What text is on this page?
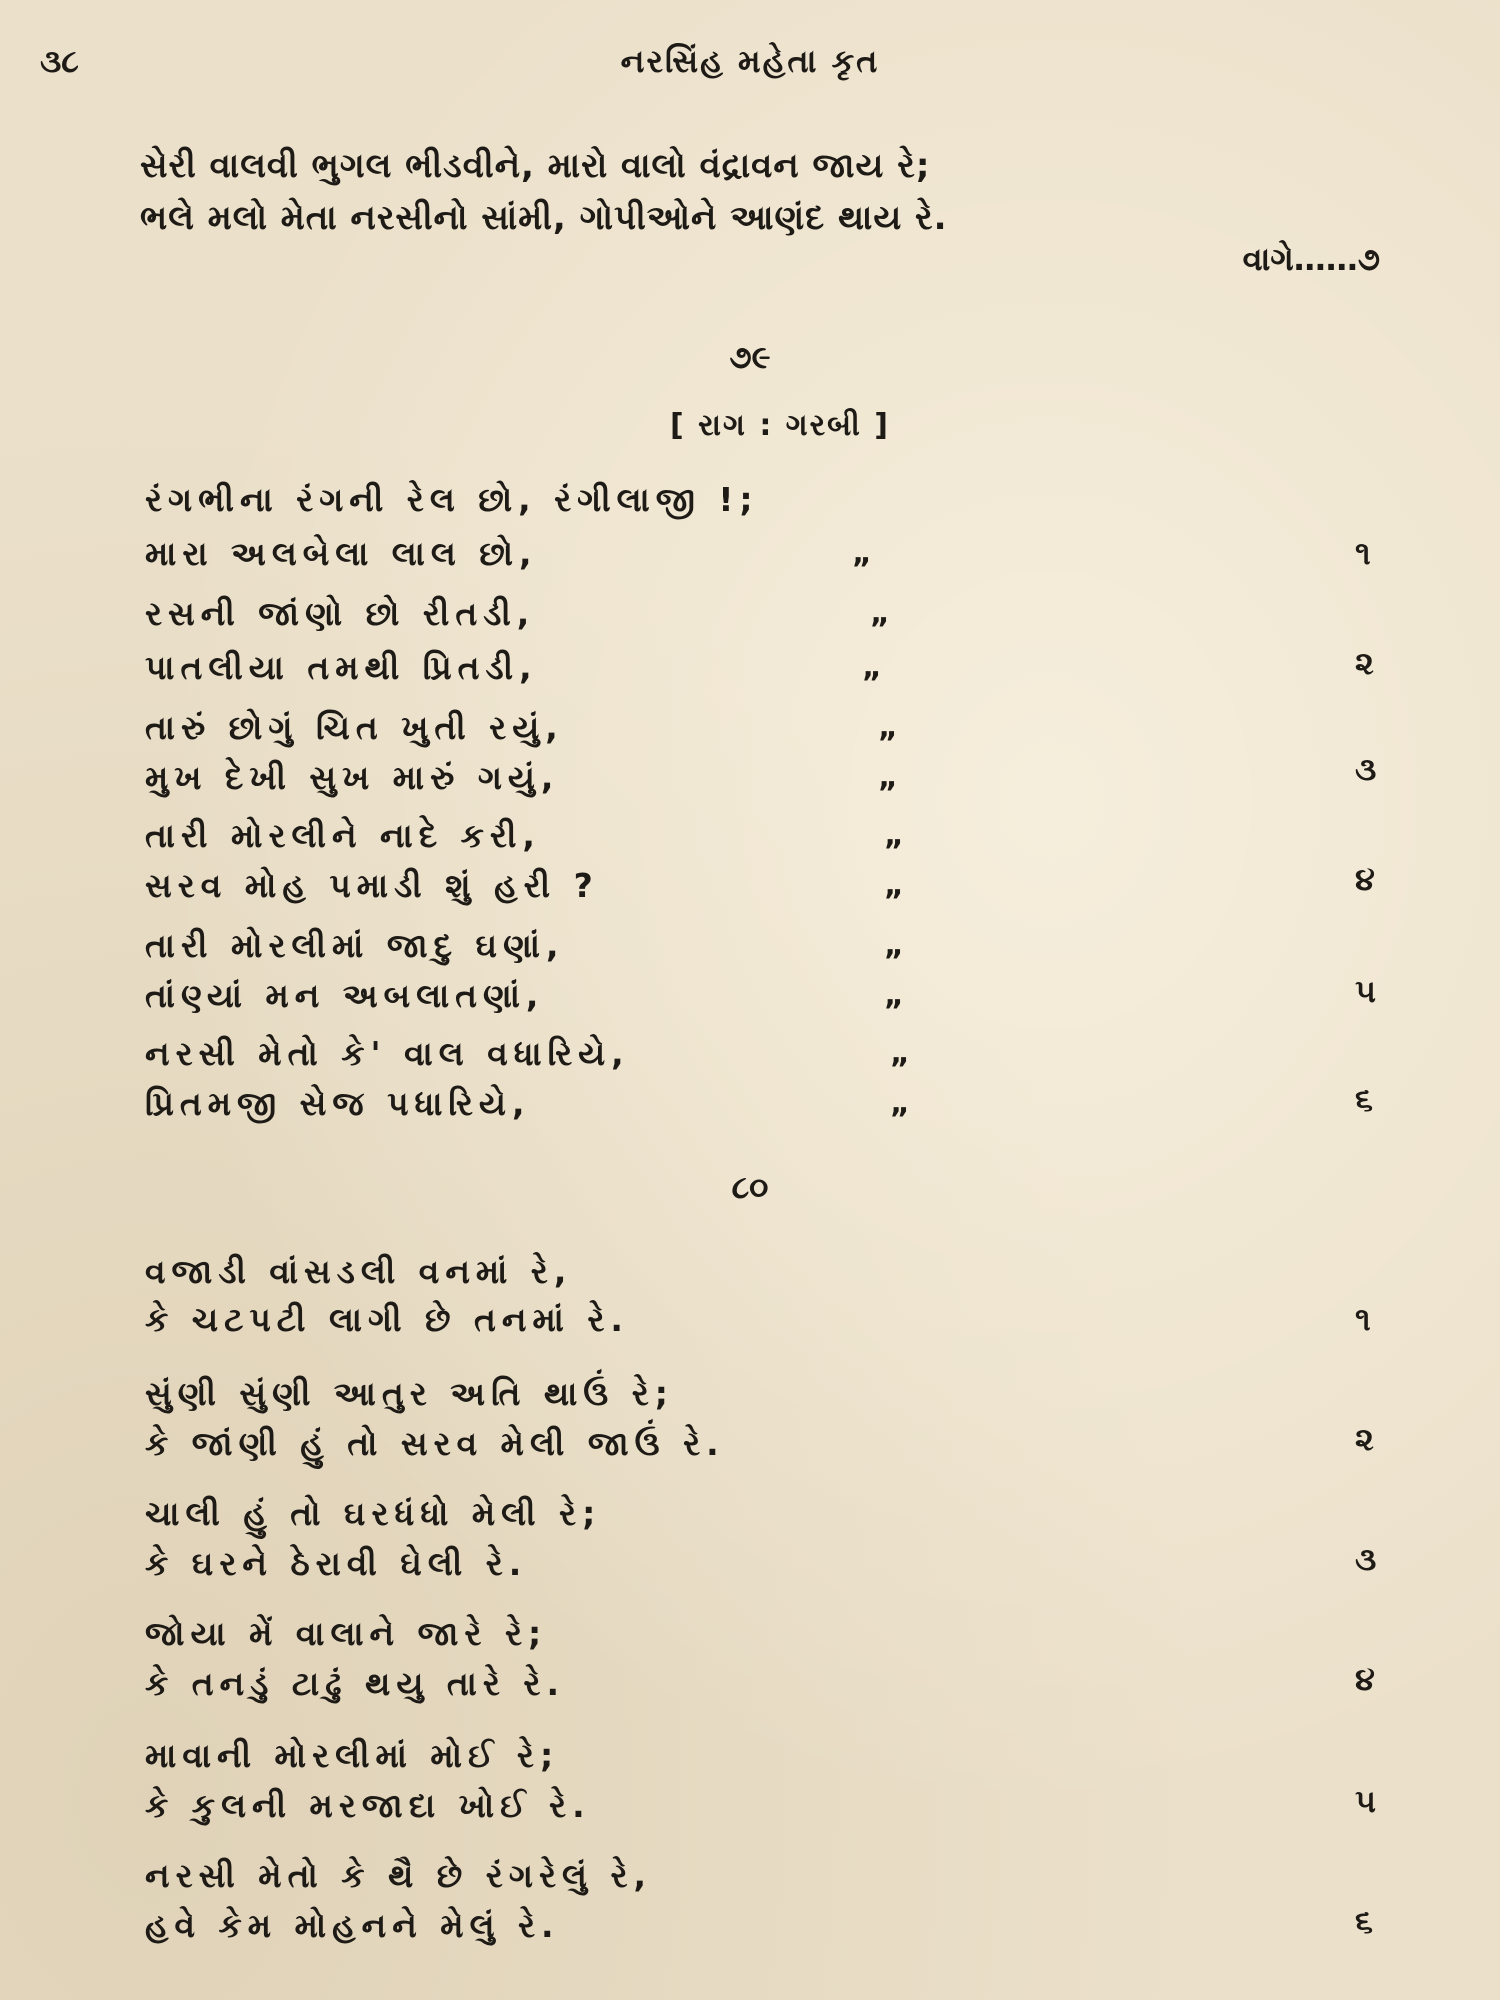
૩૮	નરસિંહ મહેતા કૃત
સેરી વાલવી ભુગલ ભીડવીને, મારો વાલો વંદ્રાવન જાય રે;
ભલે મલો મેતા નરસીનો સાંમી, ગોપીઓને આણંદ થાય રે.
વાગે……૭
૭૯
[ રાગ : ગરબી ]
રંગભીના રંગની રેલ છો, રંગીલાજી !;
મારા અલબેલા લાલ છો,	„	૧
રસની જાંણો છો રીતડી,	„
પાતલીયા તમથી પ્રિતડી,	„	૨
તારું છોગું ચિત ખુતી રયું,	„
મુખ દેખી સુખ મારું ગયું,	„	૩
તારી મોરલીને નાદે કરી,	„
સરવ મોહ પમાડી શું હરી ?	„	૪
તારી મોરલીમાં જાદુ ઘણાં,	„
તાંણ્યાં મન અબલાતણાં,	„	૫
નરસી મેતો કે' વાલ વધારિયે,	„
પ્રિતમજી સેજ પધારિયે,	„	૬
૮૦
વજાડી વાંસડલી વનમાં રે,
કે ચટપટી લાગી છે તનમાં રે.	૧
સુંણી સુંણી આતુર અતિ થાઉં રે;
કે જાંણી હું તો સરવ મેલી જાઉં રે.	૨
ચાલી હું તો ઘરધંધો મેલી રે;
કે ઘરને ઠેરાવી ઘેલી રે.	૩
જોયા મેં વાલાને જારે રે;
કે તનડું ટાઢું થયુ તારે રે.	૪
માવાની મોરલીમાં મોઈ રે;
કે કુલની મરજાદા ખોઈ રે.	૫
નરસી મેતો કે થૈ છે રંગરેલું રે,
હવે કેમ મોહનને મેલું રે.	૬
